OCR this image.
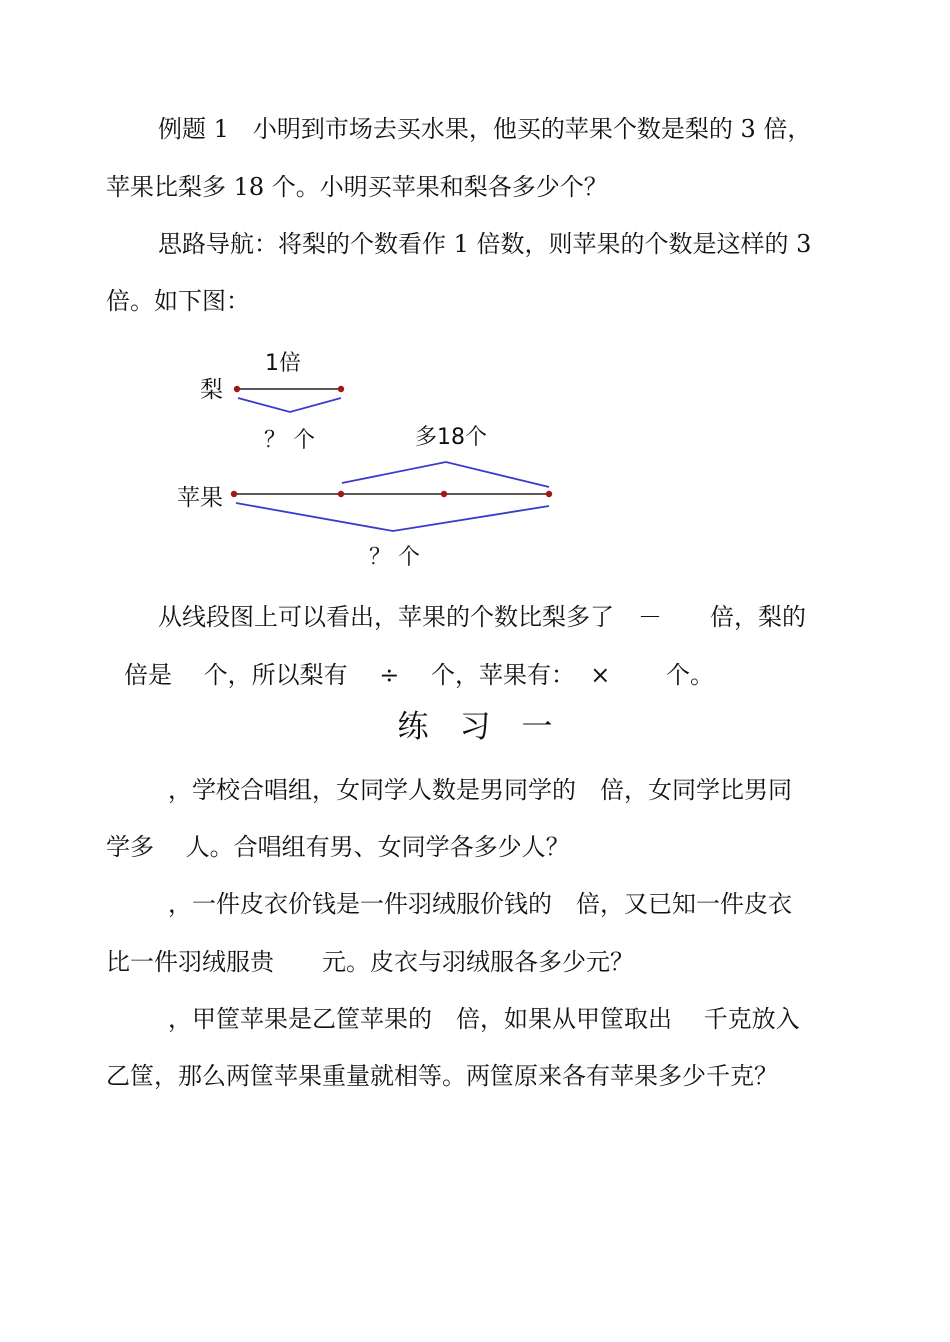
例题 1　小明到市场去买水果，他买的苹果个数是梨的 3 倍，
苹果比梨多 18 个。小明买苹果和梨各多少个？
思路导航：将梨的个数看作 1 倍数，则苹果的个数是这样的 3
倍。如下图：
梨
1倍
？ 个	多18个
苹果
？ 个
从线段图上可以看出，苹果的个数比梨多了　－　　倍，梨的
倍是　 个，所以梨有　 ÷　 个，苹果有：  ×　　 个。
练　习　一
，学校合唱组，女同学人数是男同学的　倍，女同学比男同
学多　 人。合唱组有男、女同学各多少人？
，一件皮衣价钱是一件羽绒服价钱的　倍，又已知一件皮衣
比一件羽绒服贵　　元。皮衣与羽绒服各多少元？
，甲筐苹果是乙筐苹果的　倍，如果从甲筐取出　 千克放入
乙筐，那么两筐苹果重量就相等。两筐原来各有苹果多少千克？
